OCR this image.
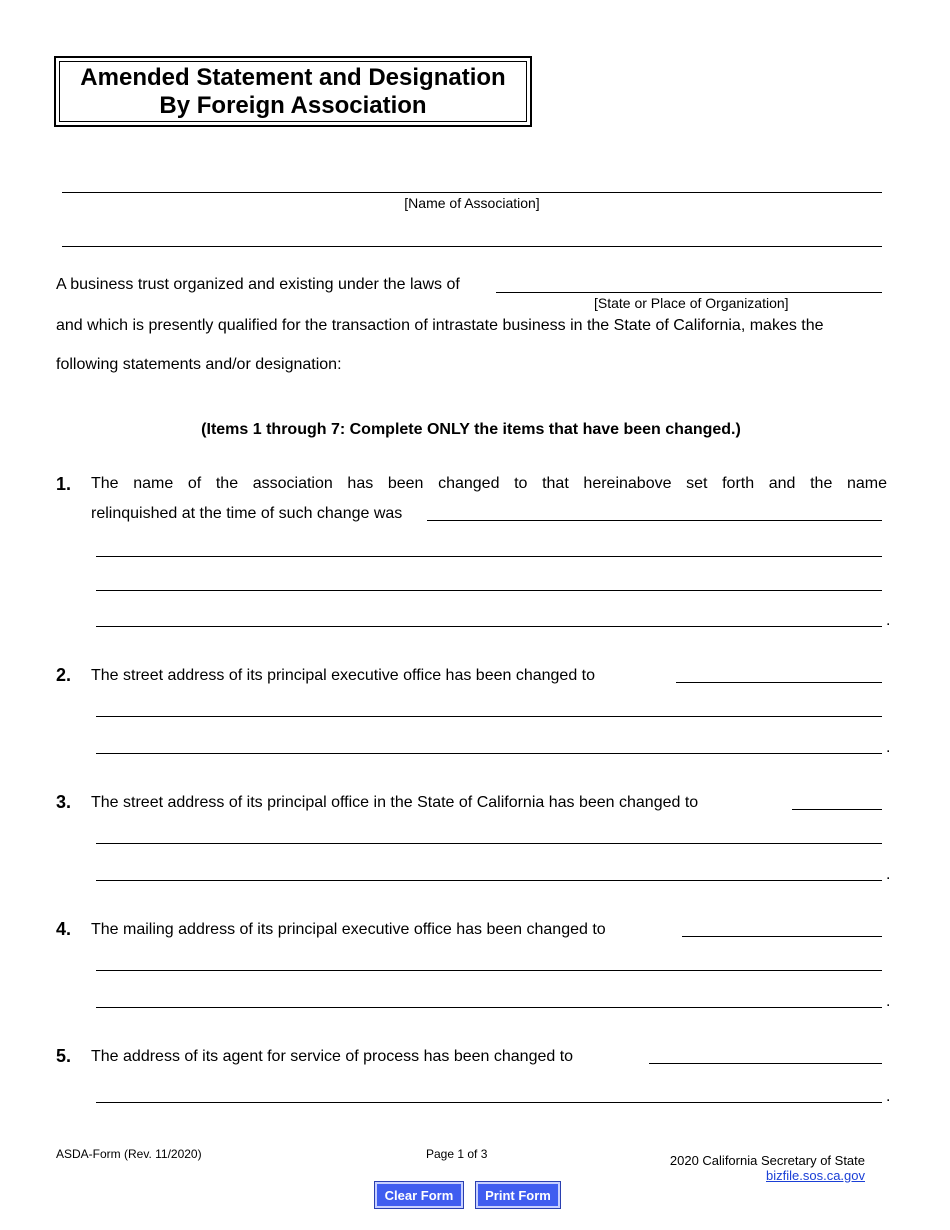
Amended Statement and Designation
By Foreign Association
[Name of Association]
A business trust organized and existing under the laws of
[State or Place of Organization]
and which is presently qualified for the transaction of intrastate business in the State of California, makes the
following statements and/or designation:
(Items 1 through 7: Complete ONLY the items that have been changed.)
1. The name of the association has been changed to that hereinabove set forth and the name
relinquished at the time of such change was
.
2. The street address of its principal executive office has been changed to
.
3. The street address of its principal office in the State of California has been changed to
.
4. The mailing address of its principal executive office has been changed to
.
5. The address of its agent for service of process has been changed to
.
ASDA-Form (Rev. 11/2020)	Page 1 of 3	2020 California Secretary of State
bizfile.sos.ca.gov
Clear Form	Print Form
